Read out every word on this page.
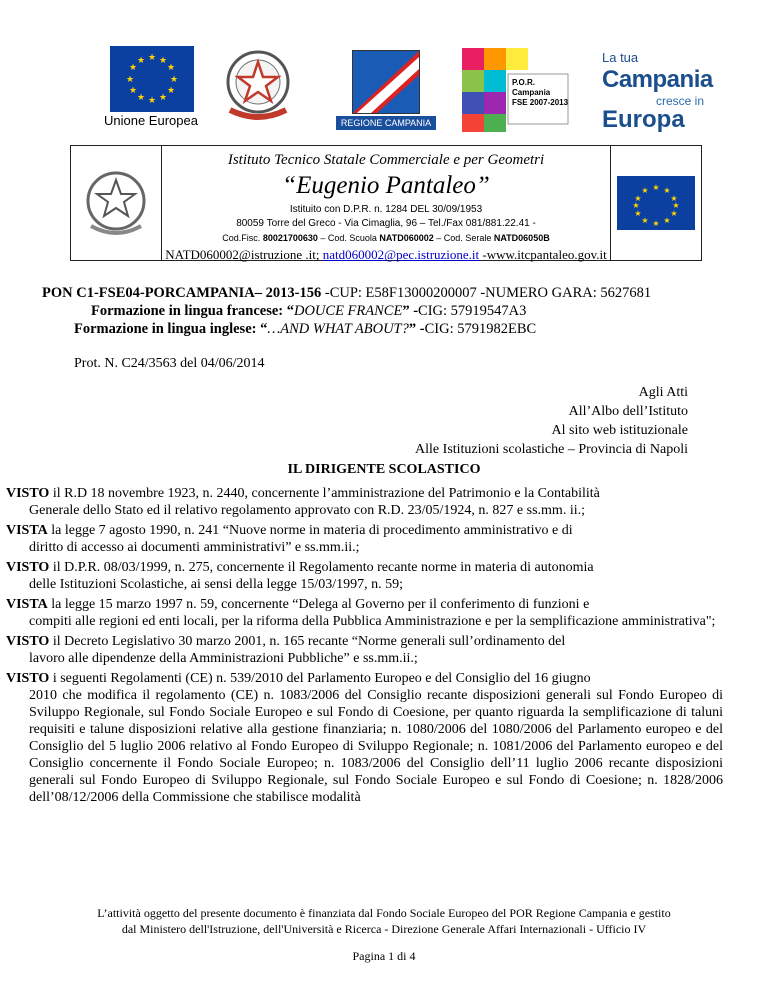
★ ★
★
★
★
★
★
★
★
★
★
★
Unione Europea	REGIONE CAMPANIA
P.O.R.
Campania
FSE 2007-2013
La tua
Campania
cresce in
Europa
Istituto Tecnico Statale Commerciale e per Geometri
“Eugenio Pantaleo”
Istituito con D.P.R. n. 1284 DEL 30/09/1953
80059 Torre del Greco - Via Cimaglia, 96 – Tel./Fax 081/881.22.41 -
Cod.Fisc. 80021700630 – Cod. Scuola NATD060002 – Cod. Serale NATD06050B
NATD060002@istruzione .it; natd060002@pec.istruzione.it -www.itcpantaleo.gov.it
★ ★
★
★
★
★
★
★
★
★
★
★
PON C1-FSE04-PORCAMPANIA– 2013-156 -CUP: E58F13000200007 -NUMERO GARA: 5627681
Formazione in lingua francese: “DOUCE FRANCE” -CIG: 57919547A3
Formazione in lingua inglese: “…AND WHAT ABOUT?” -CIG: 5791982EBC
Prot. N. C24/3563 del 04/06/2014
Agli Atti
All’Albo dell’Istituto
Al sito web istituzionale
Alle Istituzioni scolastiche – Provincia di Napoli
IL DIRIGENTE SCOLASTICO
VISTO il R.D 18 novembre 1923, n. 2440, concernente l’amministrazione del Patrimonio e la Contabilità
Generale dello Stato ed il relativo regolamento approvato con R.D. 23/05/1924, n. 827 e ss.mm. ii.;
VISTA la legge 7 agosto 1990, n. 241 “Nuove norme in materia di procedimento amministrativo e di
diritto di accesso ai documenti amministrativi” e ss.mm.ii.;
VISTO il D.P.R. 08/03/1999, n. 275, concernente il Regolamento recante norme in materia di autonomia
delle Istituzioni Scolastiche, ai sensi della legge 15/03/1997, n. 59;
VISTA la legge 15 marzo 1997 n. 59, concernente “Delega al Governo per il conferimento di funzioni e
compiti alle regioni ed enti locali, per la riforma della Pubblica Amministrazione e per la semplificazione amministrativa";
VISTO il Decreto Legislativo 30 marzo 2001, n. 165 recante “Norme generali sull’ordinamento del
lavoro alle dipendenze della Amministrazioni Pubbliche” e ss.mm.ii.;
VISTO i seguenti Regolamenti (CE) n. 539/2010 del Parlamento Europeo e del Consiglio del 16 giugno
2010 che modifica il regolamento (CE) n. 1083/2006 del Consiglio recante disposizioni generali sul Fondo Europeo di Sviluppo Regionale, sul Fondo Sociale Europeo e sul Fondo di Coesione, per quanto riguarda la semplificazione di taluni requisiti e talune disposizioni relative alla gestione finanziaria; n. 1080/2006 del 1080/2006 del Parlamento europeo e del Consiglio del 5 luglio 2006 relativo al Fondo Europeo di Sviluppo Regionale; n. 1081/2006 del Parlamento europeo e del Consiglio concernente il Fondo Sociale Europeo; n. 1083/2006 del Consiglio dell’11 luglio 2006 recante disposizioni generali sul Fondo Europeo di Sviluppo Regionale, sul Fondo Sociale Europeo e sul Fondo di Coesione; n. 1828/2006 dell’08/12/2006 della Commissione che stabilisce modalità
L’attività oggetto del presente documento è finanziata dal Fondo Sociale Europeo del POR Regione Campania e gestito
dal Ministero dell'Istruzione, dell'Università e Ricerca - Direzione Generale Affari Internazionali - Ufficio IV
Pagina 1 di 4
